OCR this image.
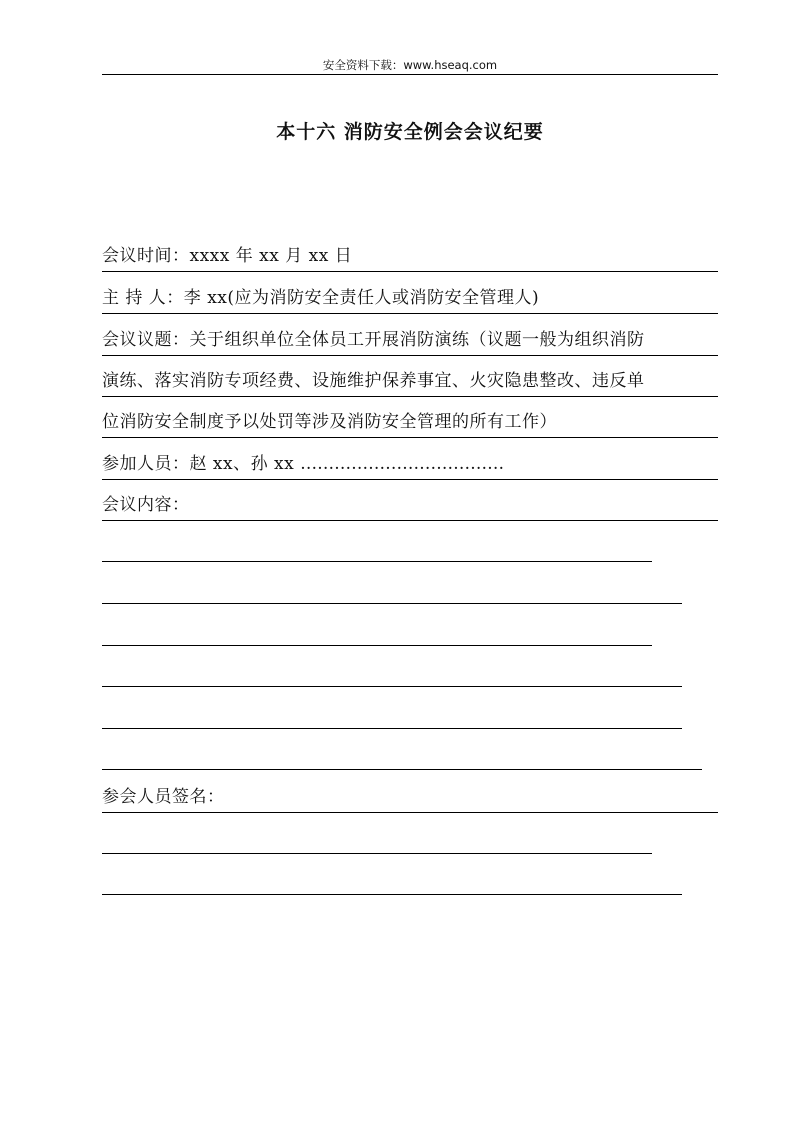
安全资料下载：www.hseaq.com
本十六 消防安全例会会议纪要
会议时间：xxxx 年 xx 月 xx 日
主 持 人：李 xx(应为消防安全责任人或消防安全管理人)
会议议题：关于组织单位全体员工开展消防演练（议题一般为组织消防
演练、落实消防专项经费、设施维护保养事宜、火灾隐患整改、违反单
位消防安全制度予以处罚等涉及消防安全管理的所有工作）
参加人员：赵 xx、孙 xx ………………………………
会议内容：
参会人员签名：
